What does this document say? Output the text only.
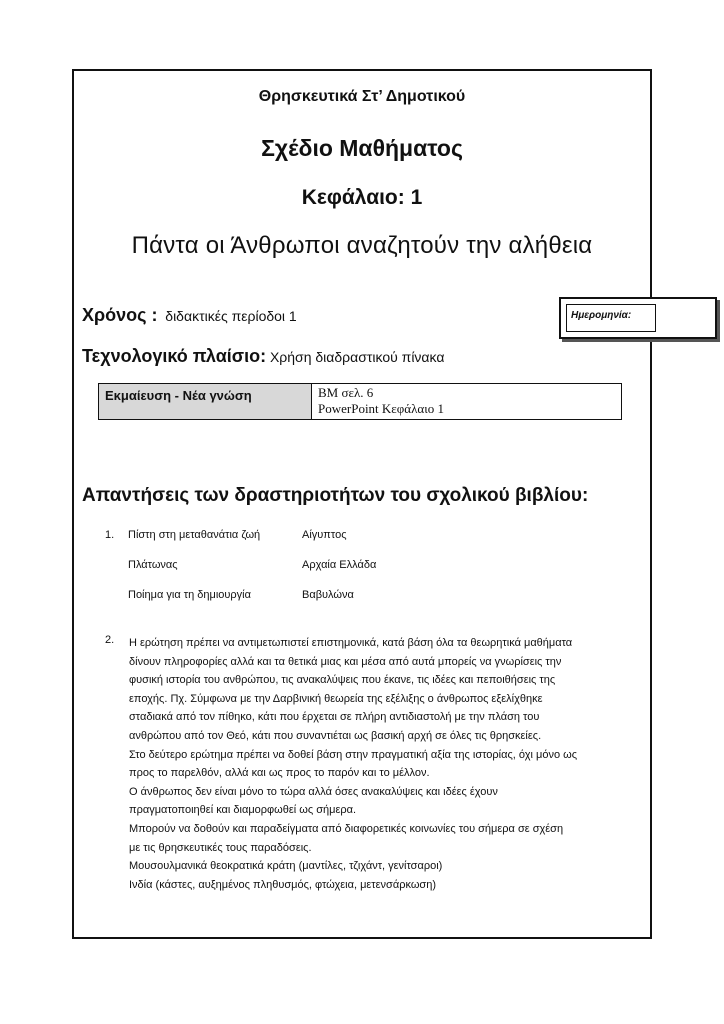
Θρησκευτικά Στ’ Δημοτικού
Σχέδιο Μαθήματος
Κεφάλαιο: 1
Πάντα οι Άνθρωποι αναζητούν την αλήθεια
Χρόνος : διδακτικές περίοδοι 1	Ημερομηνία:
Τεχνολογικό πλαίσιο: Χρήση διαδραστικού πίνακα
Εκμαίευση - Νέα γνώση	ΒΜ σελ. 6
PowerPoint Κεφάλαιο 1
Απαντήσεις των δραστηριοτήτων του σχολικού βιβλίου:
1. Πίστη στη μεταθανάτια ζωή	Αίγυπτος
Πλάτωνας	Αρχαία Ελλάδα
Ποίημα για τη δημιουργία	Βαβυλώνα
2. Η ερώτηση πρέπει να αντιμετωπιστεί επιστημονικά, κατά βάση όλα τα θεωρητικά μαθήματα
δίνουν πληροφορίες αλλά και τα θετικά μιας και μέσα από αυτά μπορείς να γνωρίσεις την
φυσική ιστορία του ανθρώπου, τις ανακαλύψεις που έκανε, τις ιδέες και πεποιθήσεις της
εποχής. Πχ. Σύμφωνα με την Δαρβινική θεωρεία της εξέλιξης ο άνθρωπος εξελίχθηκε
σταδιακά από τον πίθηκο, κάτι που έρχεται σε πλήρη αντιδιαστολή με την πλάση του
ανθρώπου από τον Θεό, κάτι που συναντιέται ως βασική αρχή σε όλες τις θρησκείες.
Στο δεύτερο ερώτημα πρέπει να δοθεί βάση στην πραγματική αξία της ιστορίας, όχι μόνο ως
προς το παρελθόν, αλλά και ως προς το παρόν και το μέλλον.
Ο άνθρωπος δεν είναι μόνο το τώρα αλλά όσες ανακαλύψεις και ιδέες έχουν
πραγματοποιηθεί και διαμορφωθεί ως σήμερα.
Μπορούν να δοθούν και παραδείγματα από διαφορετικές κοινωνίες του σήμερα σε σχέση
με τις θρησκευτικές τους παραδόσεις.
Μουσουλμανικά θεοκρατικά κράτη (μαντίλες, τζιχάντ, γενίτσαροι)
Ινδία (κάστες, αυξημένος πληθυσμός, φτώχεια, μετενσάρκωση)
